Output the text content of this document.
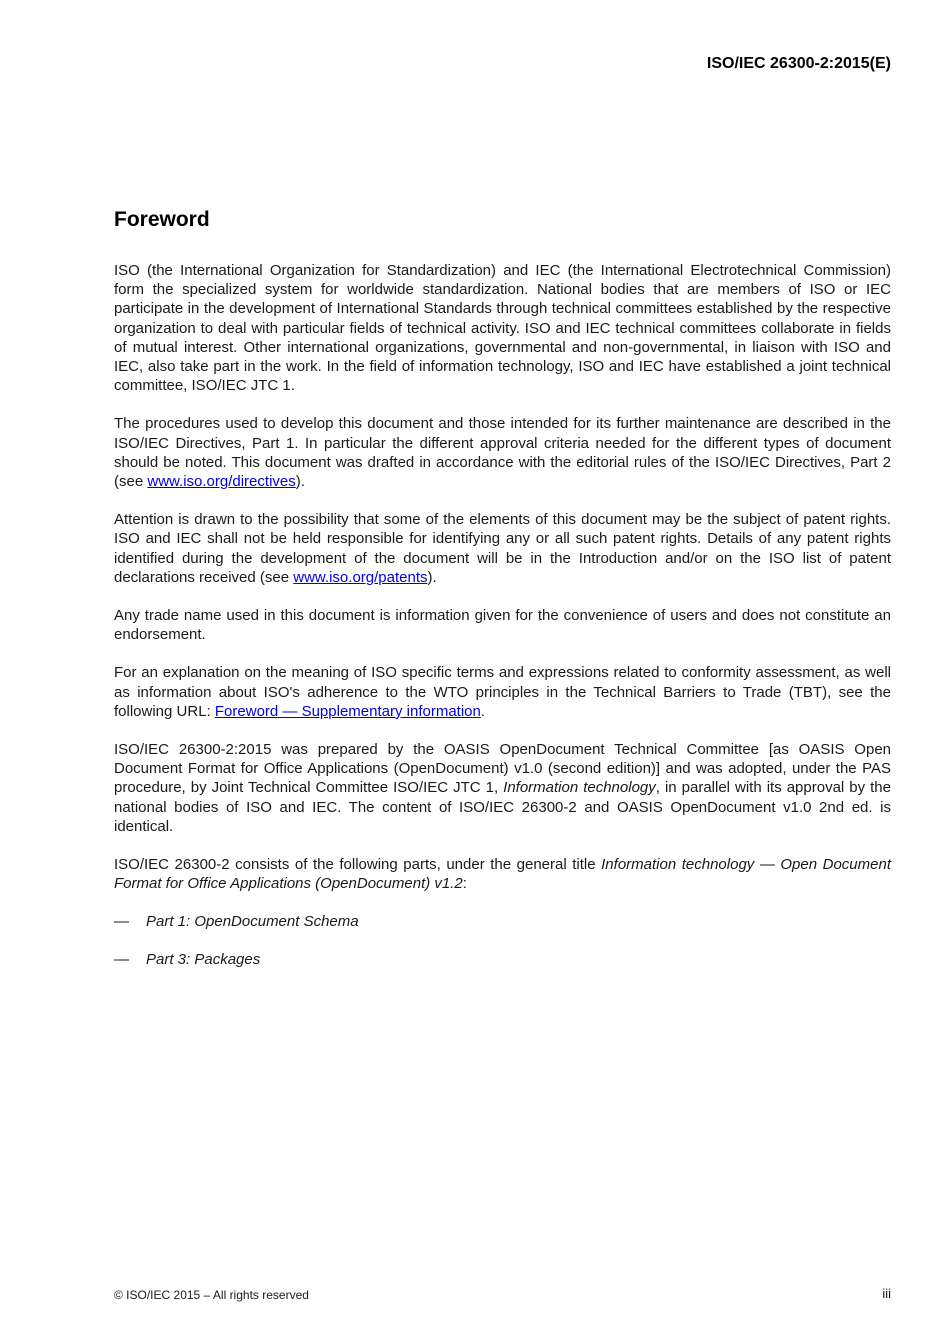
ISO/IEC 26300-2:2015(E)
Foreword

ISO (the International Organization for Standardization) and IEC (the International Electrotechnical Commission) form the specialized system for worldwide standardization. National bodies that are members of ISO or IEC participate in the development of International Standards through technical committees established by the respective organization to deal with particular fields of technical activity. ISO and IEC technical committees collaborate in fields of mutual interest. Other international organizations, governmental and non-governmental, in liaison with ISO and IEC, also take part in the work. In the field of information technology, ISO and IEC have established a joint technical committee, ISO/IEC JTC 1.

The procedures used to develop this document and those intended for its further maintenance are described in the ISO/IEC Directives, Part 1. In particular the different approval criteria needed for the different types of document should be noted. This document was drafted in accordance with the editorial rules of the ISO/IEC Directives, Part 2 (see www.iso.org/directives).

Attention is drawn to the possibility that some of the elements of this document may be the subject of patent rights. ISO and IEC shall not be held responsible for identifying any or all such patent rights. Details of any patent rights identified during the development of the document will be in the Introduction and/or on the ISO list of patent declarations received (see www.iso.org/patents).

Any trade name used in this document is information given for the convenience of users and does not constitute an endorsement.

For an explanation on the meaning of ISO specific terms and expressions related to conformity assessment, as well as information about ISO's adherence to the WTO principles in the Technical Barriers to Trade (TBT), see the following URL: Foreword — Supplementary information.

ISO/IEC 26300-2:2015 was prepared by the OASIS OpenDocument Technical Committee [as OASIS Open Document Format for Office Applications (OpenDocument) v1.0 (second edition)] and was adopted, under the PAS procedure, by Joint Technical Committee ISO/IEC JTC 1, Information technology, in parallel with its approval by the national bodies of ISO and IEC. The content of ISO/IEC 26300-2 and OASIS OpenDocument v1.0 2nd ed. is identical.

ISO/IEC 26300-2 consists of the following parts, under the general title Information technology — Open Document Format for Office Applications (OpenDocument) v1.2:

— Part 1: OpenDocument Schema
— Part 3: Packages
© ISO/IEC 2015 – All rights reserved	iii
